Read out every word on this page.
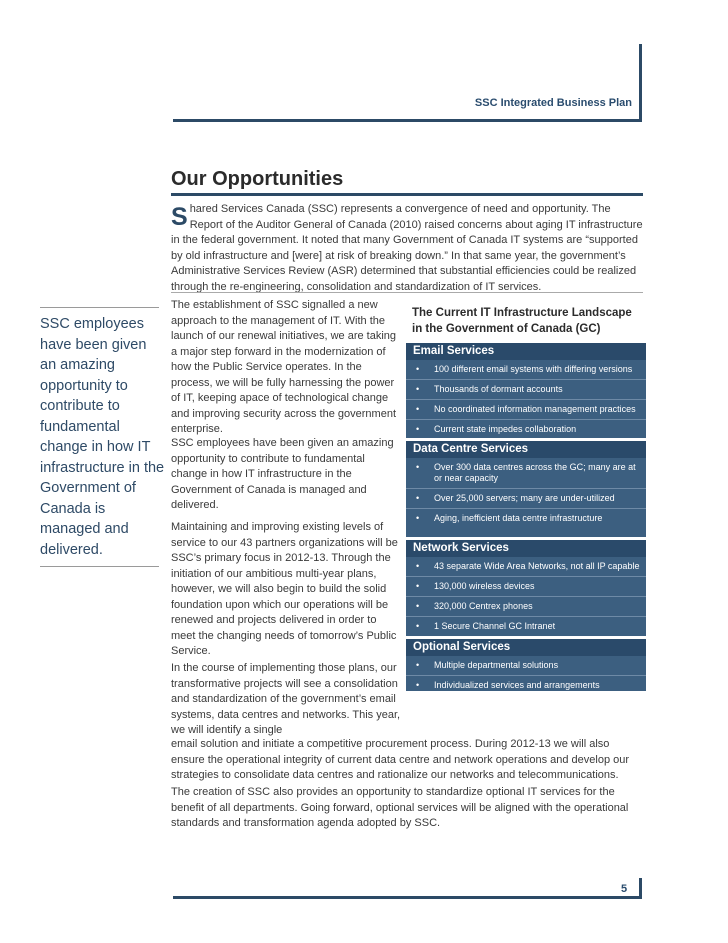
SSC Integrated Business Plan
Our Opportunities
Shared Services Canada (SSC) represents a convergence of need and opportunity. The Report of the Auditor General of Canada (2010) raised concerns about aging IT infrastructure in the federal government. It noted that many Government of Canada IT systems are “supported by old infrastructure and [were] at risk of breaking down.” In that same year, the government’s Administrative Services Review (ASR) determined that substantial efficiencies could be realized through the re-engineering, consolidation and standardization of IT services.
SSC employees have been given an amazing opportunity to contribute to fundamental change in how IT infrastructure in the Government of Canada is managed and delivered.
The establishment of SSC signalled a new approach to the management of IT. With the launch of our renewal initiatives, we are taking a major step forward in the modernization of how the Public Service operates. In the process, we will be fully harnessing the power of IT, keeping apace of technological change and improving security across the government enterprise.
SSC employees have been given an amazing opportunity to contribute to fundamental change in how IT infrastructure in the Government of Canada is managed and delivered.
Maintaining and improving existing levels of service to our 43 partners organizations will be SSC’s primary focus in 2012-13. Through the initiation of our ambitious multi-year plans, however, we will also begin to build the solid foundation upon which our operations will be renewed and projects delivered in order to meet the changing needs of tomorrow’s Public Service.
In the course of implementing those plans, our transformative projects will see a consolidation and standardization of the government’s email systems, data centres and networks. This year, we will identify a single
email solution and initiate a competitive procurement process. During 2012-13 we will also ensure the operational integrity of current data centre and network operations and develop our strategies to consolidate data centres and rationalize our networks and telecommunications.
The creation of SSC also provides an opportunity to standardize optional IT services for the benefit of all departments. Going forward, optional services will be aligned with the operational standards and transformation agenda adopted by SSC.
The Current IT Infrastructure Landscape in the Government of Canada (GC)
Email Services
• 100 different email systems with differing versions
• Thousands of dormant accounts
• No coordinated information management practices
• Current state impedes collaboration
Data Centre Services
• Over 300 data centres across the GC; many are at or near capacity
• Over 25,000 servers; many are under-utilized
• Aging, inefficient data centre infrastructure
Network Services
• 43 separate Wide Area Networks, not all IP capable
• 130,000 wireless devices
• 320,000 Centrex phones
• 1 Secure Channel GC Intranet
Optional Services
• Multiple departmental solutions
• Individualized services and arrangements
5
